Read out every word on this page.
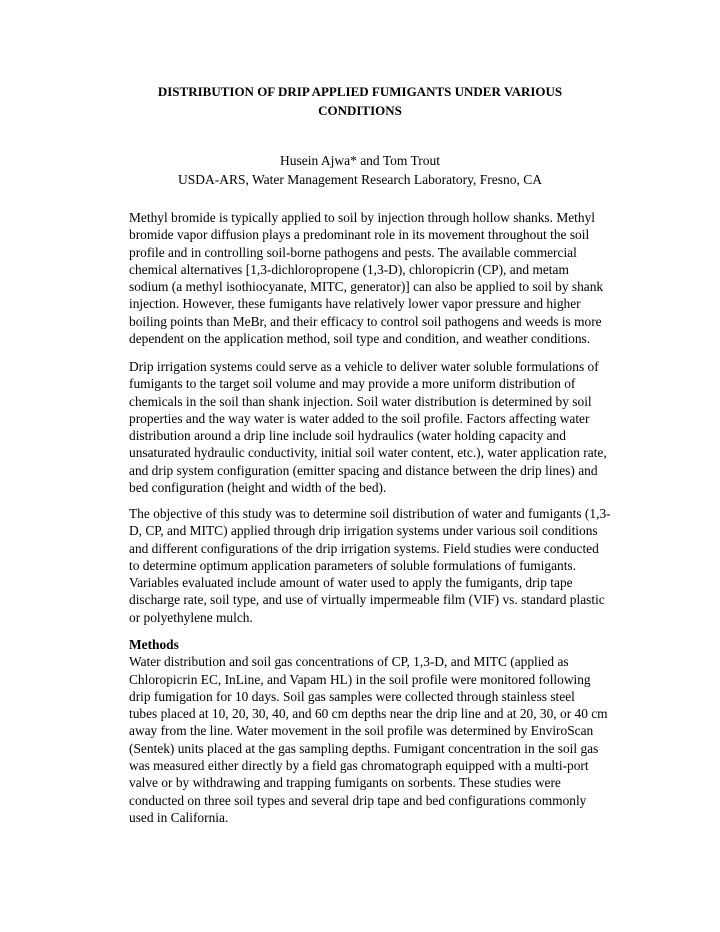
DISTRIBUTION OF DRIP APPLIED FUMIGANTS UNDER VARIOUS
CONDITIONS
Husein Ajwa* and Tom Trout
USDA-ARS, Water Management Research Laboratory, Fresno, CA
Methyl bromide is typically applied to soil by injection through hollow shanks. Methyl
bromide vapor diffusion plays a predominant role in its movement throughout the soil
profile and in controlling soil-borne pathogens and pests. The available commercial
chemical alternatives [1,3-dichloropropene (1,3-D), chloropicrin (CP), and metam
sodium (a methyl isothiocyanate, MITC, generator)] can also be applied to soil by shank
injection. However, these fumigants have relatively lower vapor pressure and higher
boiling points than MeBr, and their efficacy to control soil pathogens and weeds is more
dependent on the application method, soil type and condition, and weather conditions.
Drip irrigation systems could serve as a vehicle to deliver water soluble formulations of
fumigants to the target soil volume and may provide a more uniform distribution of
chemicals in the soil than shank injection. Soil water distribution is determined by soil
properties and the way water is water added to the soil profile. Factors affecting water
distribution around a drip line include soil hydraulics (water holding capacity and
unsaturated hydraulic conductivity, initial soil water content, etc.), water application rate,
and drip system configuration (emitter spacing and distance between the drip lines) and
bed configuration (height and width of the bed).
The objective of this study was to determine soil distribution of water and fumigants (1,3-
D, CP, and MITC) applied through drip irrigation systems under various soil conditions
and different configurations of the drip irrigation systems. Field studies were conducted
to determine optimum application parameters of soluble formulations of fumigants.
Variables evaluated include amount of water used to apply the fumigants, drip tape
discharge rate, soil type, and use of virtually impermeable film (VIF) vs. standard plastic
or polyethylene mulch.
Methods
Water distribution and soil gas concentrations of CP, 1,3-D, and MITC (applied as
Chloropicrin EC, InLine, and Vapam HL) in the soil profile were monitored following
drip fumigation for 10 days. Soil gas samples were collected through stainless steel
tubes placed at 10, 20, 30, 40, and 60 cm depths near the drip line and at 20, 30, or 40 cm
away from the line. Water movement in the soil profile was determined by EnviroScan
(Sentek) units placed at the gas sampling depths. Fumigant concentration in the soil gas
was measured either directly by a field gas chromatograph equipped with a multi-port
valve or by withdrawing and trapping fumigants on sorbents. These studies were
conducted on three soil types and several drip tape and bed configurations commonly
used in California.
